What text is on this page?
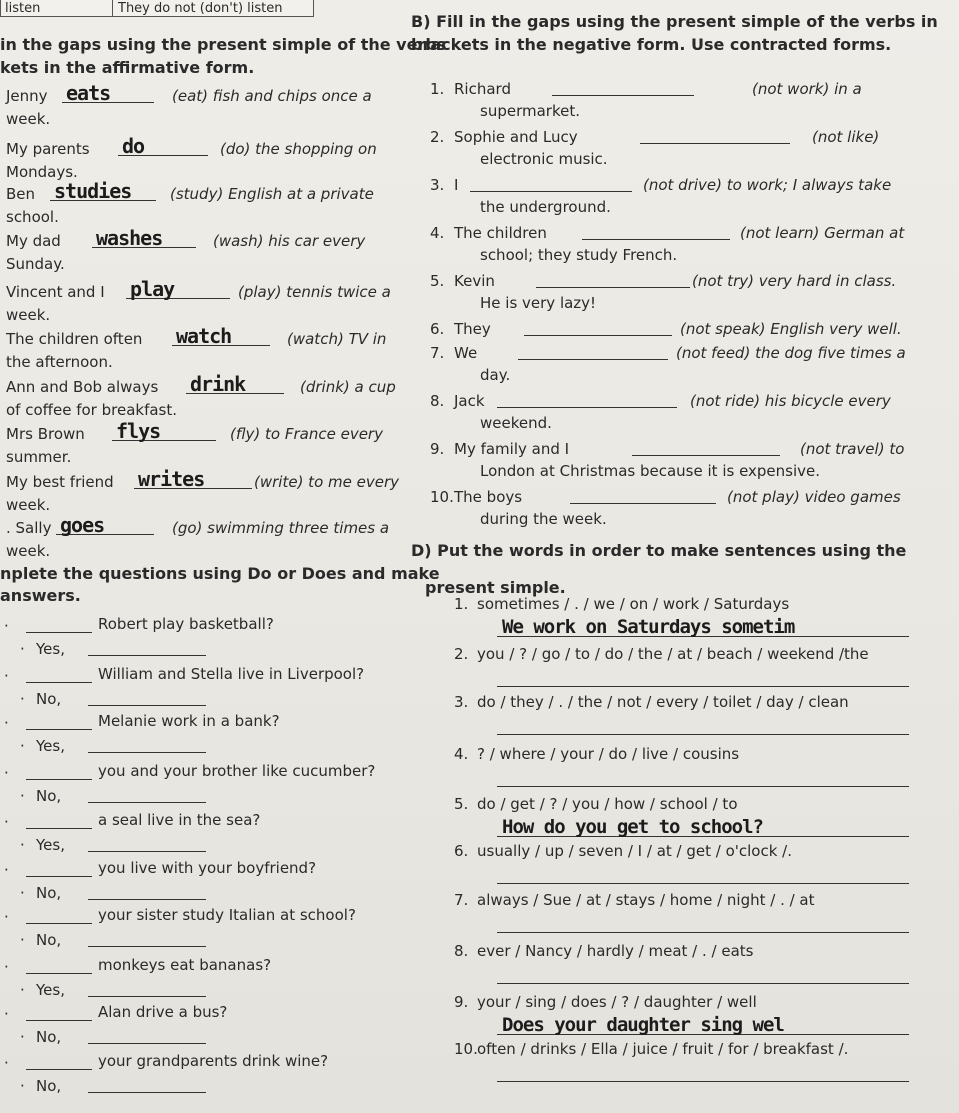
listen	They do not (don't) listen
in the gaps using the present simple of the verbs
kets in the affirmative form.
Jenny eats	(eat) fish and chips once a
week.
My parents do	(do) the shopping on
Mondays.
Ben studies	(study) English at a private
school.
My dad washes	(wash) his car every
Sunday.
Vincent and I play	(play) tennis twice a
week.
The children often watch	(watch) TV in
the afternoon.
Ann and Bob always drink	(drink) a cup
of coffee for breakfast.
Mrs Brown flys	(fly) to France every
summer.
My best friend writes	(write) to me every
week.
. Sally goes	(go) swimming three times a
week.
B) Fill in the gaps using the present simple of the verbs in
brackets in the negative form. Use contracted forms.
1. Richard	(not work) in a
supermarket.
2. Sophie and Lucy	(not like)
electronic music.
3. I	(not drive) to work; I always take
the underground.
4. The children	(not learn) German at
school; they study French.
5. Kevin	(not try) very hard in class.
He is very lazy!
6. They	(not speak) English very well.
7. We	(not feed) the dog five times a
day.
8. Jack	(not ride) his bicycle every
weekend.
9. My family and I	(not travel) to
London at Christmas because it is expensive.
10. The boys	(not play) video games
during the week.
nplete the questions using Do or Does and make
answers.
·	Robert play basketball?
· Yes,
·	William and Stella live in Liverpool?
· No,
·	Melanie work in a bank?
· Yes,
·	you and your brother like cucumber?
· No,
·	a seal live in the sea?
· Yes,
·	you live with your boyfriend?
· No,
·	your sister study Italian at school?
· No,
·	monkeys eat bananas?
· Yes,
·	Alan drive a bus?
· No,
·	your grandparents drink wine?
· No,
D) Put the words in order to make sentences using the
present simple.
1. sometimes / . / we / on / work / Saturdays
We work on Saturdays sometim
2. you / ? / go / to / do / the / at / beach / weekend /the
3. do / they / . / the / not / every / toilet / day / clean
4. ? / where / your / do / live / cousins
5. do / get / ? / you / how / school / to
How do you get to school?
6. usually / up / seven / I / at / get / o'clock /.
7. always / Sue / at / stays / home / night / . / at
8. ever / Nancy / hardly / meat / . / eats
9. your / sing / does / ? / daughter / well
Does your daughter sing wel
10. often / drinks / Ella / juice / fruit / for / breakfast /.
